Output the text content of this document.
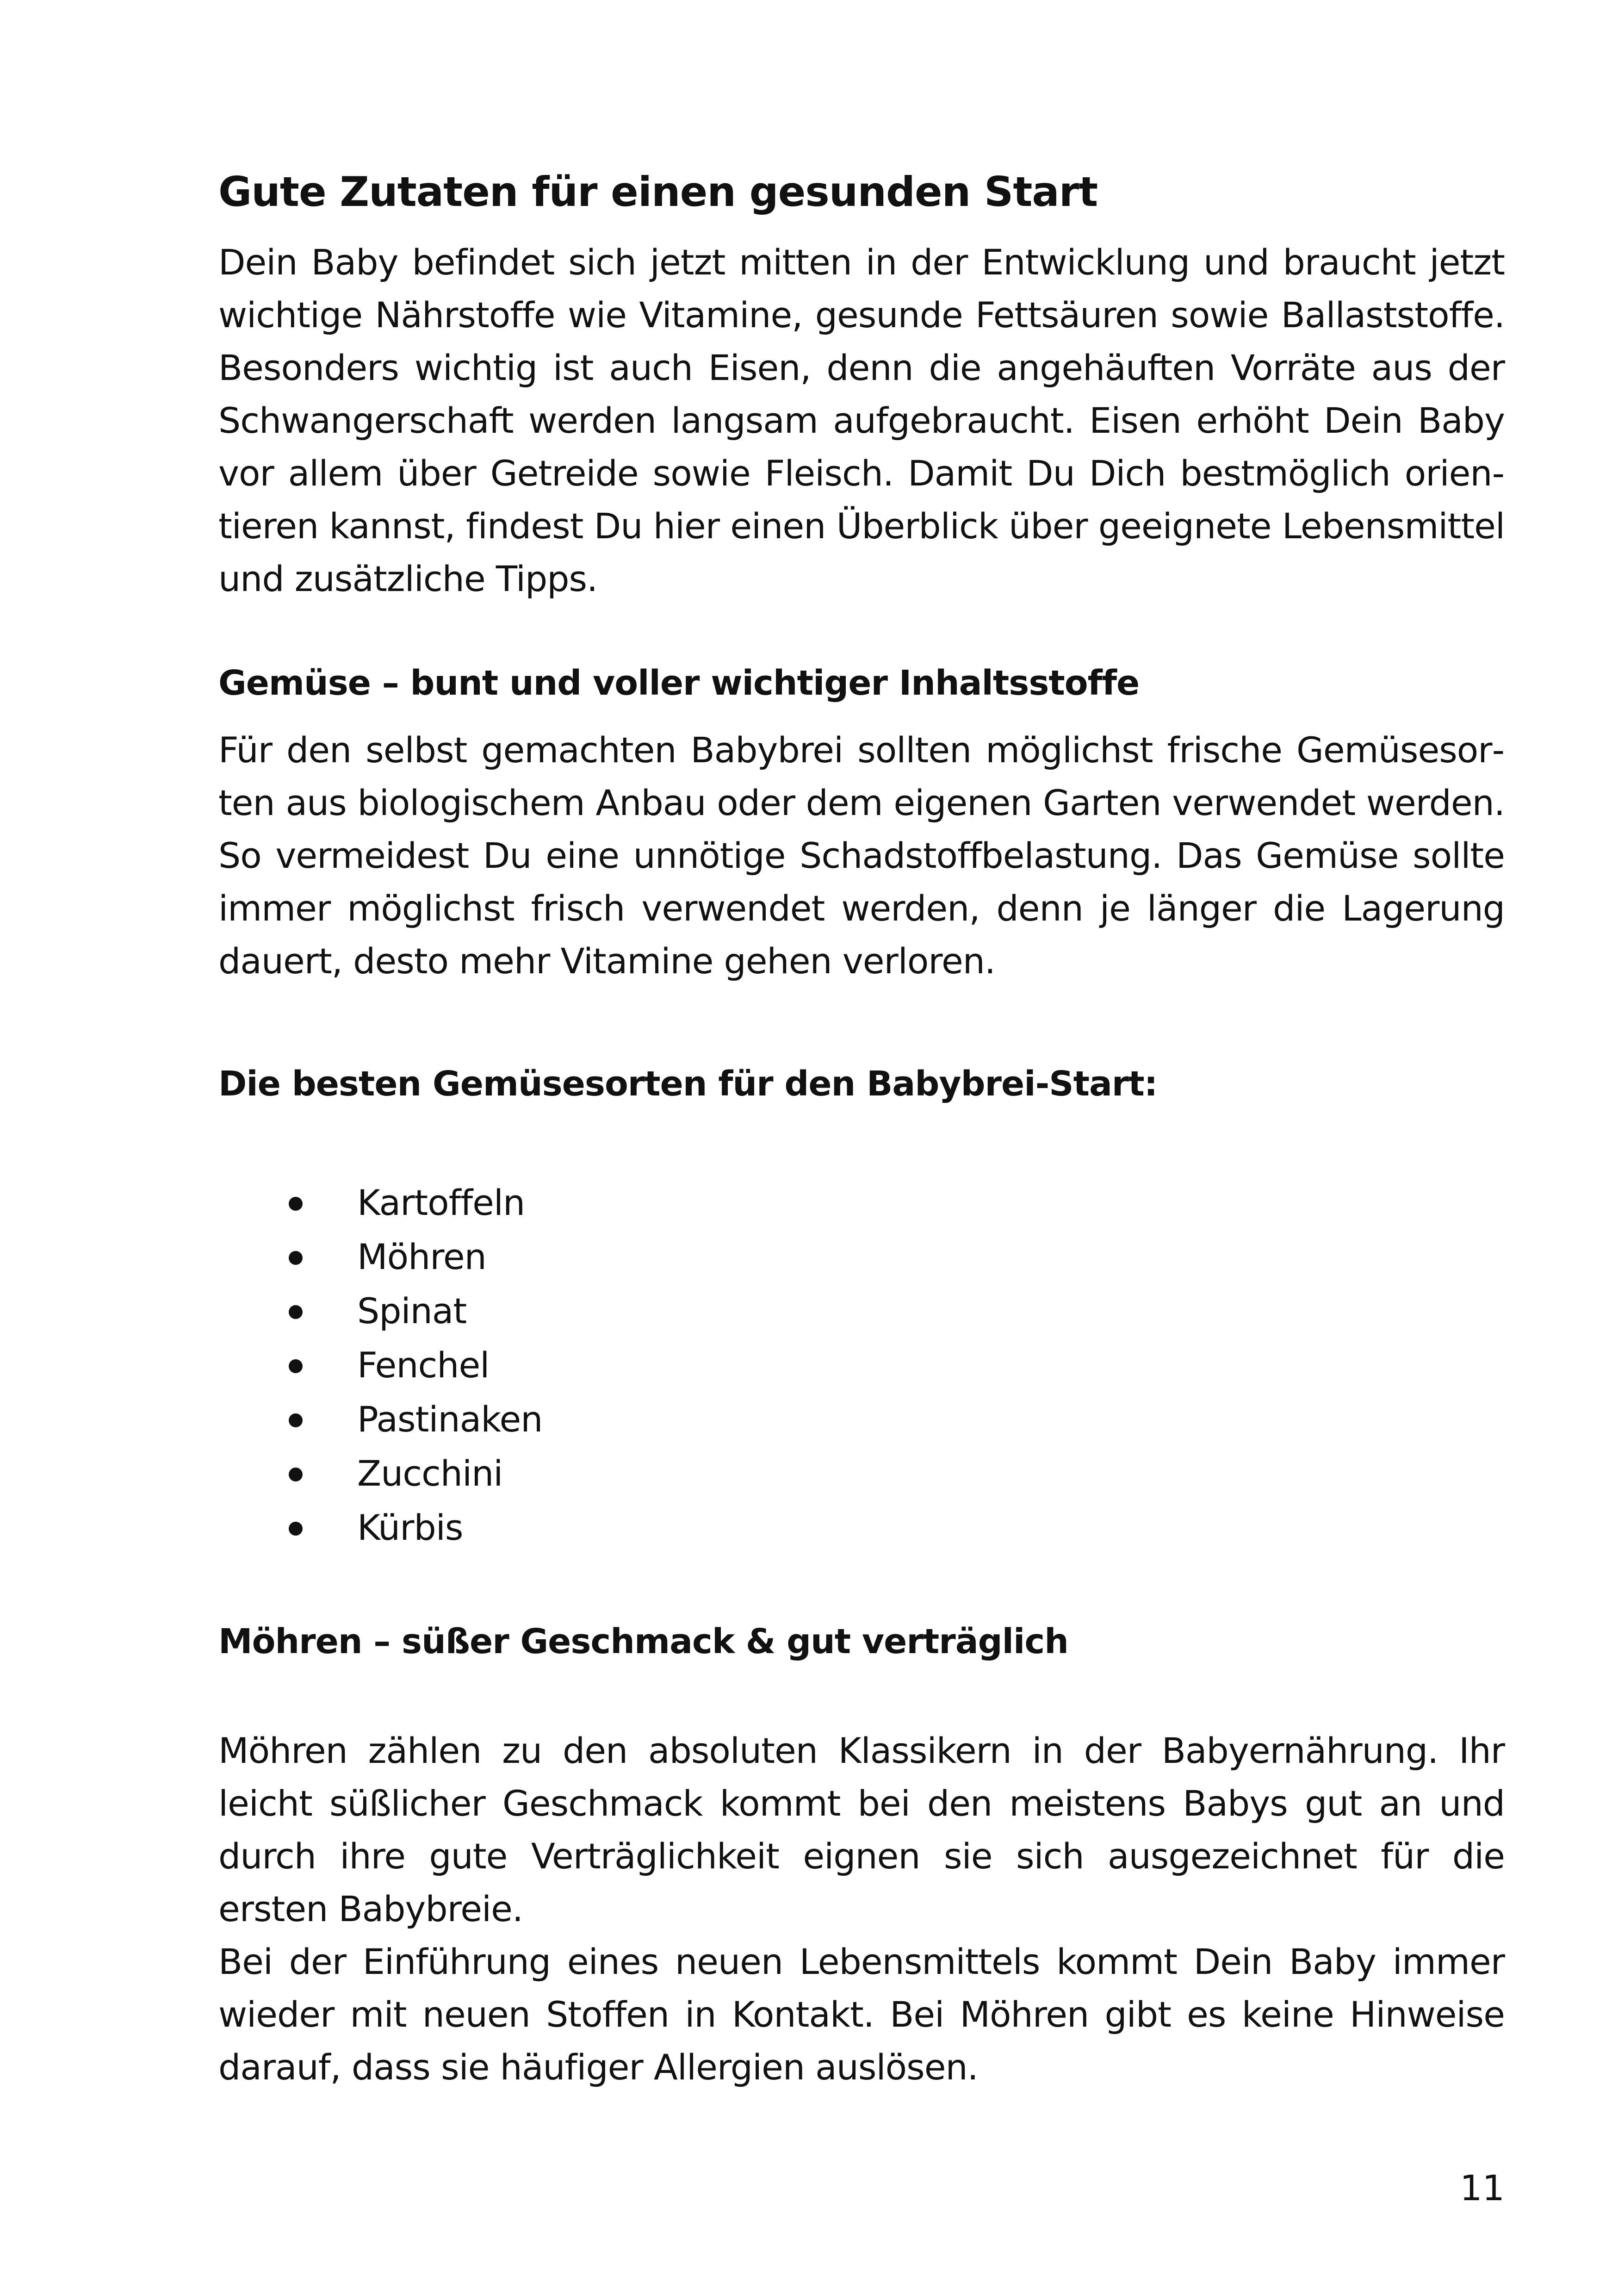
Gute Zutaten für einen gesunden Start

Dein Baby befindet sich jetzt mitten in der Entwicklung und braucht jetzt wichtige Nährstoffe wie Vitamine, gesunde Fettsäuren sowie Ballaststoffe. Besonders wichtig ist auch Eisen, denn die angehäuften Vorräte aus der Schwangerschaft werden langsam aufgebraucht. Eisen erhöht Dein Baby vor allem über Getreide sowie Fleisch. Damit Du Dich bestmöglich orientieren kannst, findest Du hier einen Überblick über geeignete Lebensmittel und zusätzliche Tipps.

Gemüse – bunt und voller wichtiger Inhaltsstoffe

Für den selbst gemachten Babybrei sollten möglichst frische Gemüsesorten aus biologischem Anbau oder dem eigenen Garten verwendet werden. So vermeidest Du eine unnötige Schadstoffbelastung. Das Gemüse sollte immer möglichst frisch verwendet werden, denn je länger die Lagerung dauert, desto mehr Vitamine gehen verloren.

Die besten Gemüsesorten für den Babybrei-Start:
Kartoffeln
Möhren
Spinat
Fenchel
Pastinaken
Zucchini
Kürbis
Möhren – süßer Geschmack & gut verträglich

Möhren zählen zu den absoluten Klassikern in der Babyernährung. Ihr leicht süßlicher Geschmack kommt bei den meistens Babys gut an und durch ihre gute Verträglichkeit eignen sie sich ausgezeichnet für die ersten Babybreie.

Bei der Einführung eines neuen Lebensmittels kommt Dein Baby immer wieder mit neuen Stoffen in Kontakt. Bei Möhren gibt es keine Hinweise darauf, dass sie häufiger Allergien auslösen.

11
